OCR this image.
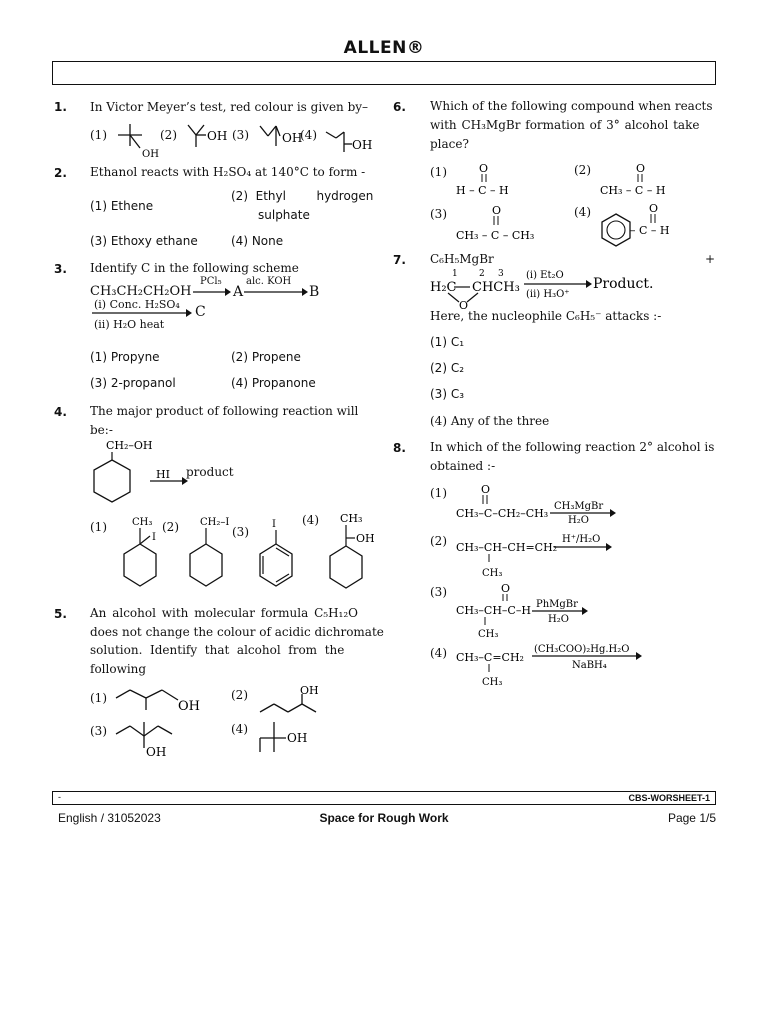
ALLEN®
1. In Victor Meyer’s test, red colour is given by–
(1)
OH
(2)	OH (3)	OH
(4)
OH
2. Ethanol reacts with H₂SO₄ at 140°C to form -
(1) Ethene
(2)  Ethyl        hydrogen
sulphate
(3) Ethoxy ethane	(4) None
3. Identify C in the following scheme
CH₃CH₂CH₂OH
PCl₅
A
alc. KOH
B
(i) Conc. H₂SO₄
(ii) H₂O heat
C
(1) Propyne	(2) Propene
(3) 2-propanol	(4) Propanone
4. The major product of following reaction will
be:-
CH₂–OH
HI product
(1)	CH₃
I
(2) CH₂–I
(3)
I (4) CH₃
OH
5. An alcohol with molecular formula C₅H₁₂O
does not change the colour of acidic dichromate
solution.  Identify  that  alcohol  from  the
following
(1)
OH
(2)	OH
(3)
OH
(4)
OH
6. Which of the following compound when reacts
with CH₃MgBr formation of 3° alcohol take
place?
(1)	O
H – C – H
(2)	O
CH₃ – C – H
(3)	O
CH₃ – C – CH₃
(4)	O
– C – H
7. C₆H₅MgBr	+
1 2 3
H₂C CHCH₃
O
(i) Et₂O
(ii) H₃O⁺
Product.
Here, the nucleophile C₆H₅⁻ attacks :-
(1) C₁
(2) C₂
(3) C₃
(4) Any of the three
8. In which of the following reaction 2° alcohol is
obtained :-
(1)	O
CH₃–C–CH₂–CH₃
CH₃MgBr
H₂O
(2) CH₃–CH–CH=CH₂
CH₃
H⁺/H₂O
(3)	O
CH₃–CH–C–H
CH₃
PhMgBr
H₂O
(4) CH₃–C=CH₂
CH₃
(CH₃COO)₂Hg.H₂O
NaBH₄
-	CBS-WORSHEET-1
English / 31052023	Space for Rough Work	Page 1/5
